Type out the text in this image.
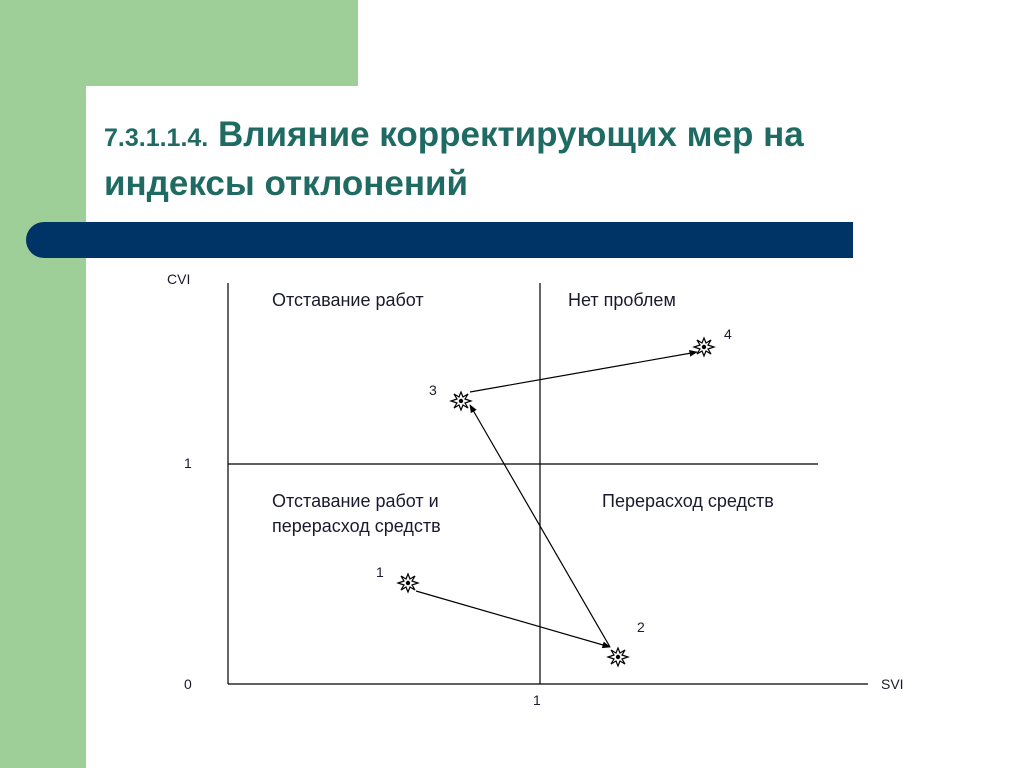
7.3.1.1.4. Влияние корректирующих мер на
индексы отклонений
CVI
SVI
0
1
1
Отставание работ	Нет проблем
Отставание работ и
перерасход средств
Перерасход средств
1
2
3
4
